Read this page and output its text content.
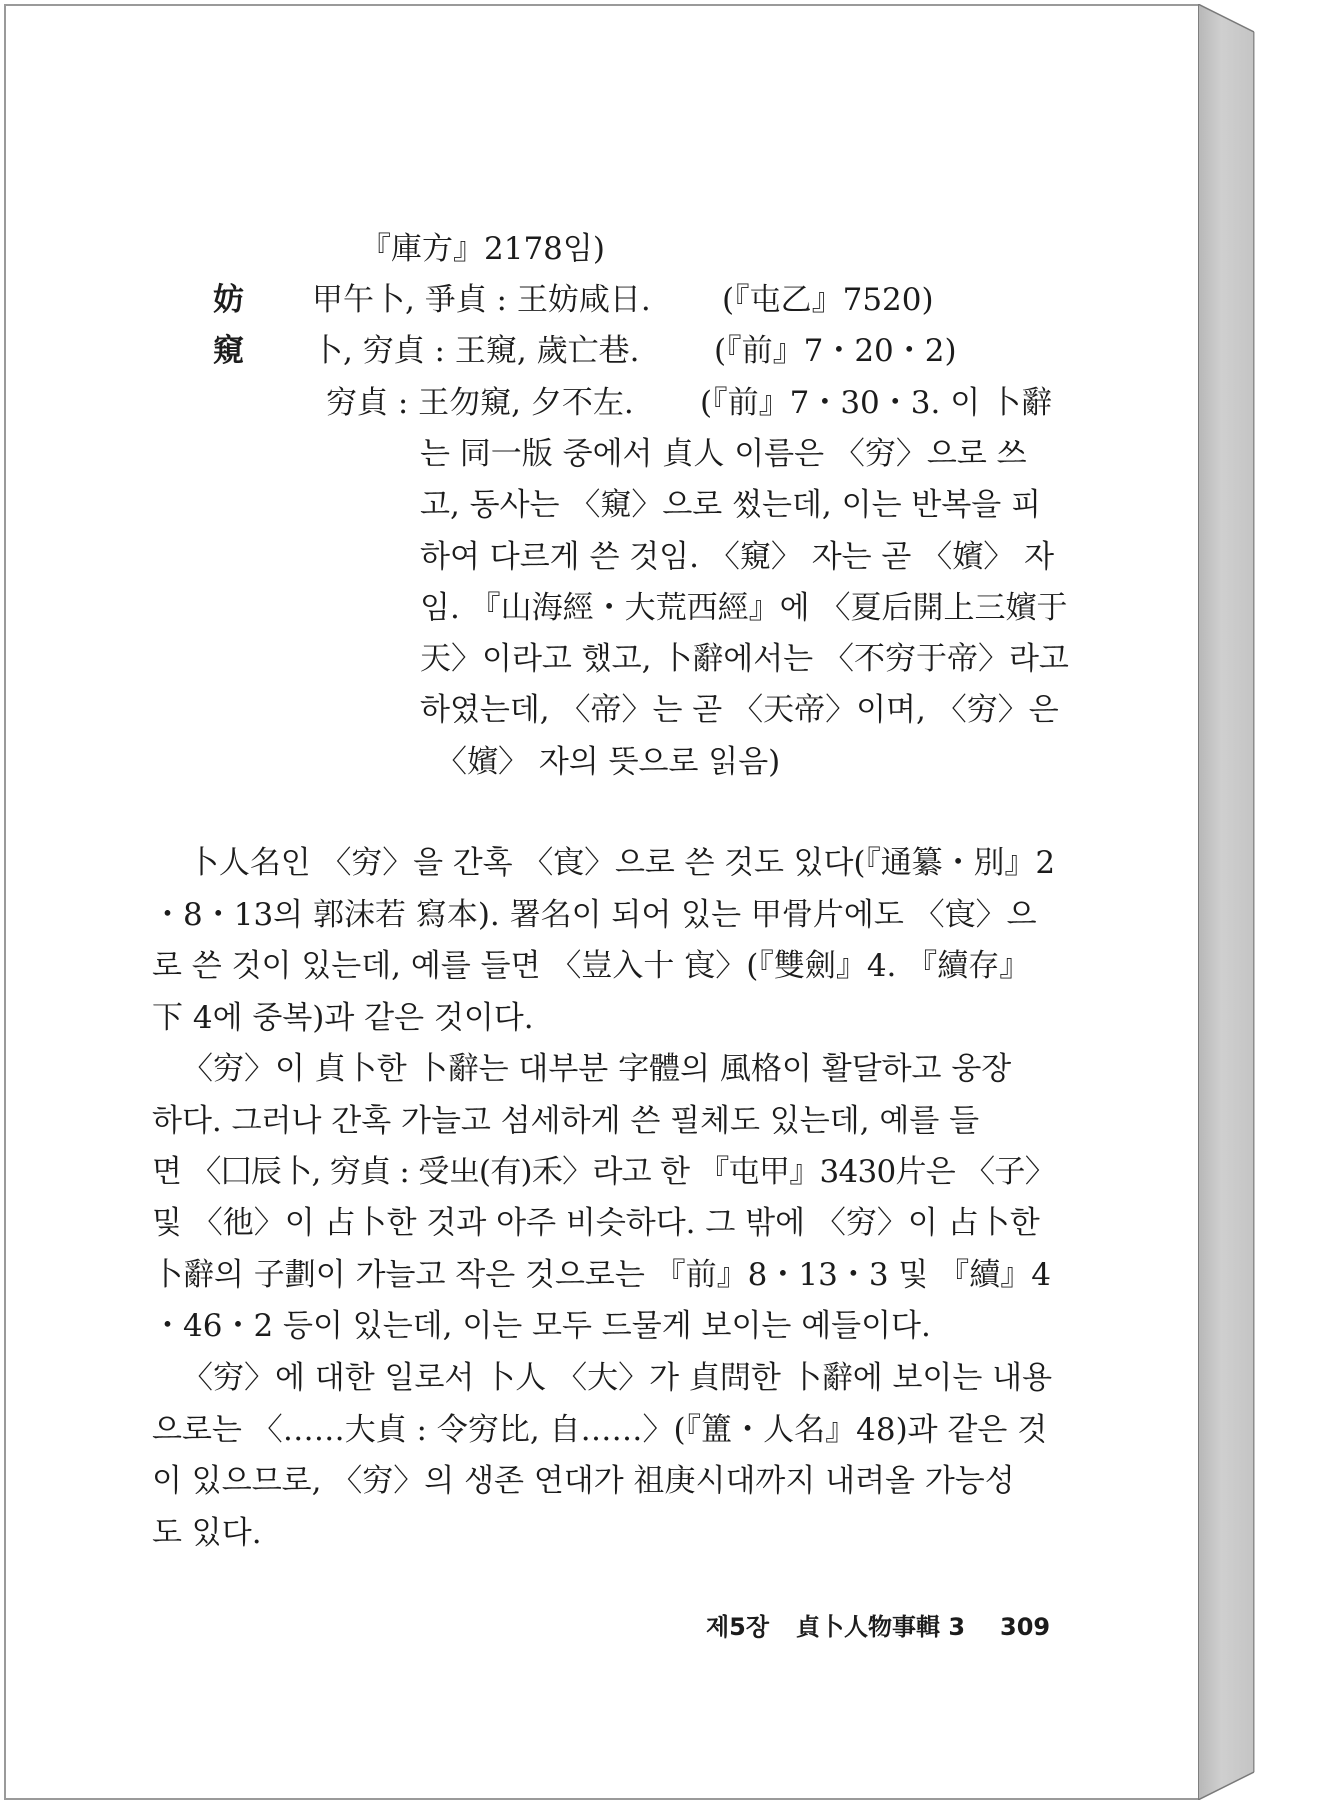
『庫方』2178임)
妨 甲午卜, 爭貞 : 王妨咸日. (『屯乙』7520)
窺 卜, 穷貞 : 王窺, 歲亡巷. (『前』7・20・2)
穷貞 : 王勿窺, 夕不左. (『前』7・30・3. 이 卜辭
는 同一版 중에서 貞人 이름은 〈穷〉으로 쓰
고, 동사는 〈窺〉으로 썼는데, 이는 반복을 피
하여 다르게 쓴 것임. 〈窺〉 자는 곧 〈嬪〉 자
임. 『山海經・大荒西經』에 〈夏后開上三嬪于
天〉이라고 했고, 卜辭에서는 〈不穷于帝〉라고
하였는데, 〈帝〉는 곧 〈天帝〉이며, 〈穷〉은
〈嬪〉 자의 뜻으로 읽음)
卜人名인 〈穷〉을 간혹 〈㝗〉으로 쓴 것도 있다(『通纂・別』2
・8・13의 郭沫若 寫本). 署名이 되어 있는 甲骨片에도 〈㝗〉으
로 쓴 것이 있는데, 예를 들면 〈豈入十 㝗〉(『雙劍』4. 『續存』
下 4에 중복)과 같은 것이다.
〈穷〉이 貞卜한 卜辭는 대부분 字體의 風格이 활달하고 웅장
하다. 그러나 간혹 가늘고 섬세하게 쓴 필체도 있는데, 예를 들
면 〈囗辰卜, 穷貞 : 受㞢(有)禾〉라고 한 『屯甲』3430片은 〈子〉
및 〈彵〉이 占卜한 것과 아주 비슷하다. 그 밖에 〈穷〉이 占卜한
卜辭의 子劃이 가늘고 작은 것으로는 『前』8・13・3 및 『續』4
・46・2 등이 있는데, 이는 모두 드물게 보이는 예들이다.
〈穷〉에 대한 일로서 卜人 〈大〉가 貞問한 卜辭에 보이는 내용
으로는 〈……大貞 : 令穷比, 自……〉(『簠・人名』48)과 같은 것
이 있으므로, 〈穷〉의 생존 연대가 祖庚시대까지 내려올 가능성
도 있다.
제5장 貞卜人物事輯 3 309
